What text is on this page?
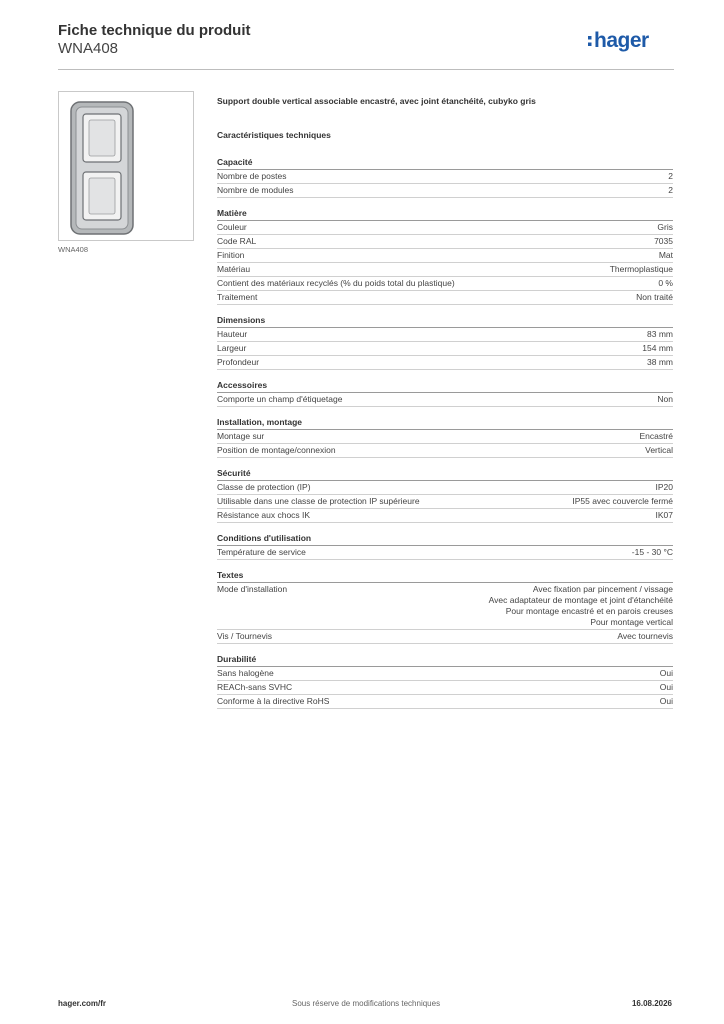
Fiche technique du produit
WNA408	hager
WNA408
Support double vertical associable encastré, avec joint étanchéité, cubyko gris
Caractéristiques techniques
Capacité
Nombre de postes	2
Nombre de modules	2
Matière
Couleur	Gris
Code RAL	7035
Finition	Mat
Matériau	Thermoplastique
Contient des matériaux recyclés (% du poids total du plastique)	0 %
Traitement	Non traité
Dimensions
Hauteur	83 mm
Largeur	154 mm
Profondeur	38 mm
Accessoires
Comporte un champ d'étiquetage	Non
Installation, montage
Montage sur	Encastré
Position de montage/connexion	Vertical
Sécurité
Classe de protection (IP)	IP20
Utilisable dans une classe de protection IP supérieure	IP55 avec couvercle fermé
Résistance aux chocs IK	IK07
Conditions d'utilisation
Température de service	-15 - 30 °C
Textes
Mode d'installation	Avec fixation par pincement / vissage
Avec adaptateur de montage et joint d'étanchéité
Pour montage encastré et en parois creuses
Pour montage vertical
Vis / Tournevis	Avec tournevis
Durabilité
Sans halogène	Oui
REACh-sans SVHC	Oui
Conforme à la directive RoHS	Oui
hager.com/fr	Sous réserve de modifications techniques	16.08.2026
